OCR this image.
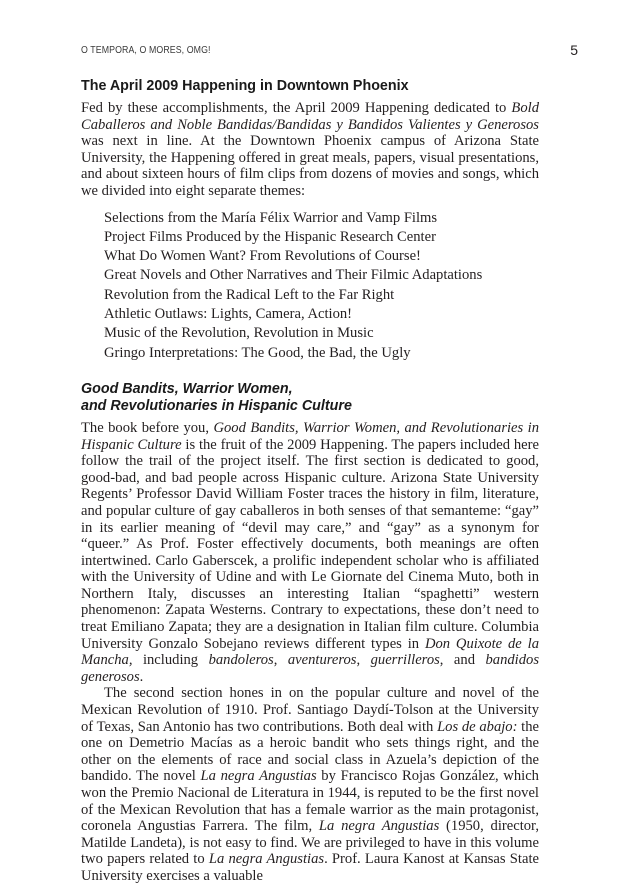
O TEMPORA, O MORES, OMG!	5
The April 2009 Happening in Downtown Phoenix

Fed by these accomplishments, the April 2009 Happening dedicated to Bold Caballeros and Noble Bandidas/Bandidas y Bandidos Valientes y Generosos was next in line. At the Downtown Phoenix campus of Arizona State University, the Happening offered in great meals, papers, visual presentations, and about sixteen hours of film clips from dozens of movies and songs, which we divided into eight separate themes:

Selections from the María Félix Warrior and Vamp Films
Project Films Produced by the Hispanic Research Center
What Do Women Want? From Revolutions of Course!
Great Novels and Other Narratives and Their Filmic Adaptations
Revolution from the Radical Left to the Far Right
Athletic Outlaws: Lights, Camera, Action!
Music of the Revolution, Revolution in Music
Gringo Interpretations: The Good, the Bad, the Ugly
Good Bandits, Warrior Women,
and Revolutionaries in Hispanic Culture

The book before you, Good Bandits, Warrior Women, and Revolutionaries in Hispanic Culture is the fruit of the 2009 Happening. The papers included here follow the trail of the project itself. The first section is dedicated to good, good-bad, and bad people across Hispanic culture. Arizona State University Regents’ Professor David William Foster traces the history in film, literature, and popular culture of gay caballeros in both senses of that semanteme: “gay” in its earlier meaning of “devil may care,” and “gay” as a synonym for “queer.” As Prof. Foster effectively documents, both meanings are often intertwined. Carlo Gaberscek, a prolific independent scholar who is affiliated with the University of Udine and with Le Giornate del Cinema Muto, both in Northern Italy, discusses an interesting Italian “spaghetti” western phenomenon: Zapata Westerns. Contrary to expectations, these don’t need to treat Emiliano Zapata; they are a designation in Italian film culture. Columbia University Gonzalo Sobejano reviews different types in Don Quixote de la Mancha, including bandoleros, aventureros, guerrilleros, and bandidos generosos.

The second section hones in on the popular culture and novel of the Mexican Revolution of 1910. Prof. Santiago Daydí-Tolson at the University of Texas, San Antonio has two contributions. Both deal with Los de abajo: the one on Demetrio Macías as a heroic bandit who sets things right, and the other on the elements of race and social class in Azuela’s depiction of the bandido. The novel La negra Angustias by Francisco Rojas González, which won the Premio Nacional de Literatura in 1944, is reputed to be the first novel of the Mexican Revolution that has a female warrior as the main protagonist, coronela Angustias Farrera. The film, La negra Angustias (1950, director, Matilde Landeta), is not easy to find. We are privileged to have in this volume two papers related to La negra Angustias. Prof. Laura Kanost at Kansas State University exercises a valuable
